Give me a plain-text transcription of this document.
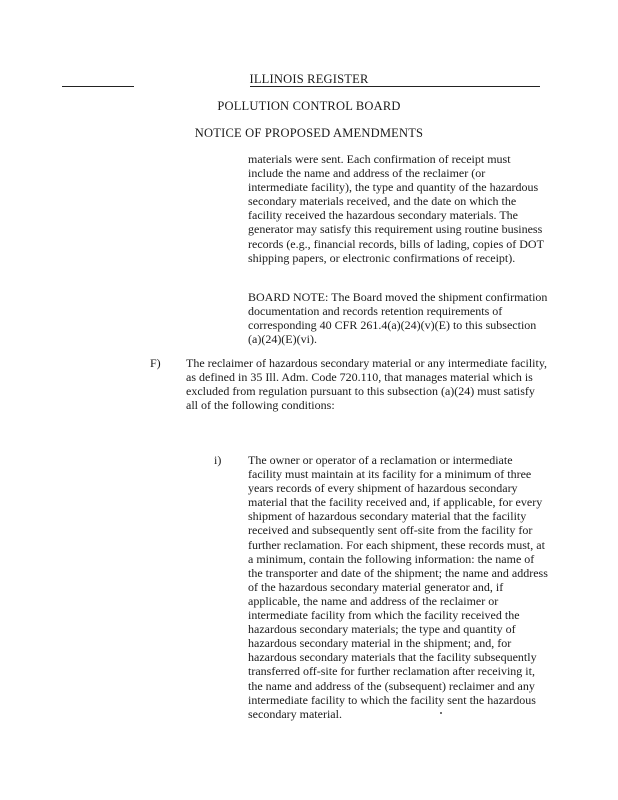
ILLINOIS REGISTER
POLLUTION CONTROL BOARD
NOTICE OF PROPOSED AMENDMENTS
materials were sent. Each confirmation of receipt must include the name and address of the reclaimer (or intermediate facility), the type and quantity of the hazardous secondary materials received, and the date on which the facility received the hazardous secondary materials. The generator may satisfy this requirement using routine business records (e.g., financial records, bills of lading, copies of DOT shipping papers, or electronic confirmations of receipt).
BOARD NOTE: The Board moved the shipment confirmation documentation and records retention requirements of corresponding 40 CFR 261.4(a)(24)(v)(E) to this subsection (a)(24)(E)(vi).
F) The reclaimer of hazardous secondary material or any intermediate facility, as defined in 35 Ill. Adm. Code 720.110, that manages material which is excluded from regulation pursuant to this subsection (a)(24) must satisfy all of the following conditions:
i) The owner or operator of a reclamation or intermediate facility must maintain at its facility for a minimum of three years records of every shipment of hazardous secondary material that the facility received and, if applicable, for every shipment of hazardous secondary material that the facility received and subsequently sent off-site from the facility for further reclamation. For each shipment, these records must, at a minimum, contain the following information: the name of the transporter and date of the shipment; the name and address of the hazardous secondary material generator and, if applicable, the name and address of the reclaimer or intermediate facility from which the facility received the hazardous secondary materials; the type and quantity of hazardous secondary material in the shipment; and, for hazardous secondary materials that the facility subsequently transferred off-site for further reclamation after receiving it, the name and address of the (subsequent) reclaimer and any intermediate facility to which the facility sent the hazardous secondary material.
